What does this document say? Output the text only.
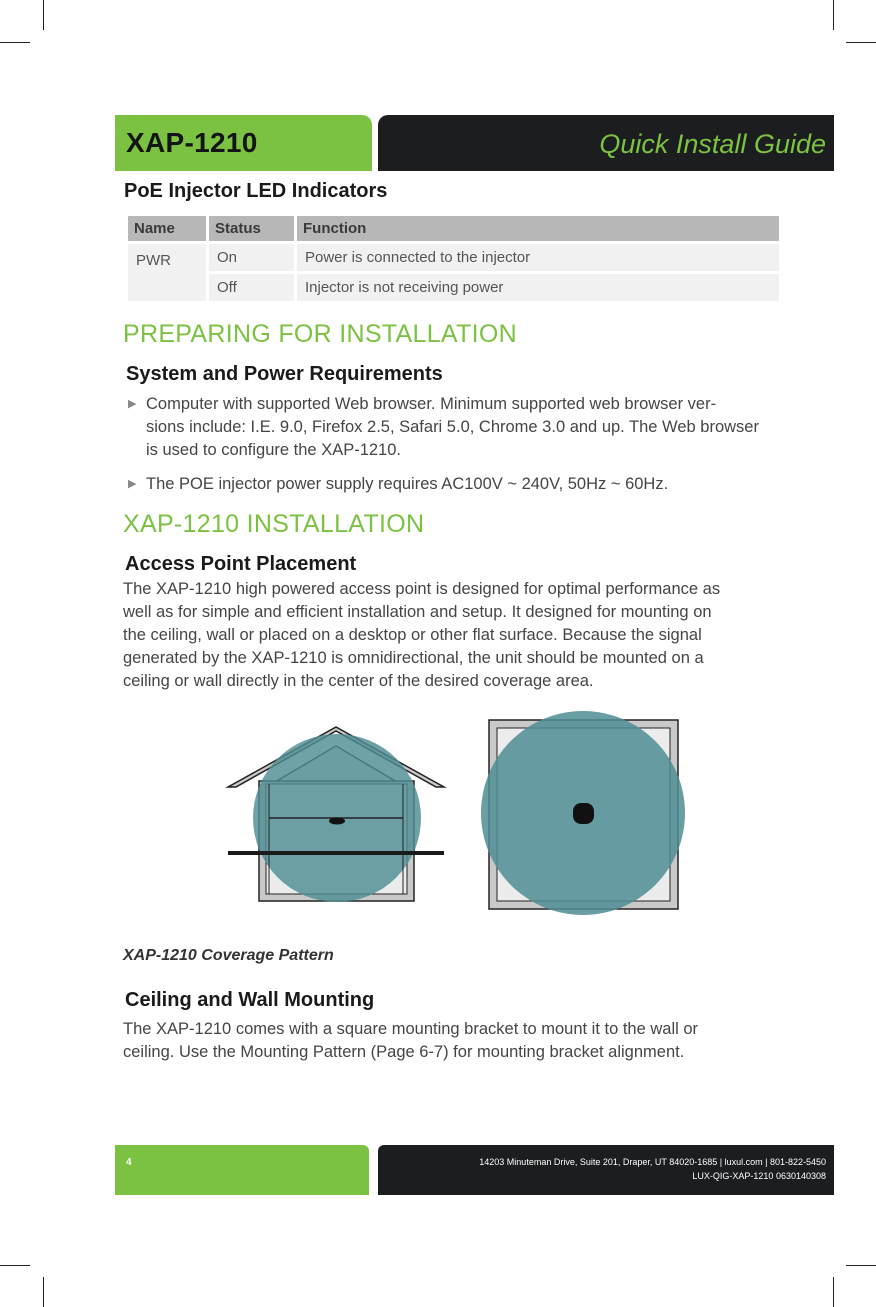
XAP-1210	Quick Install Guide
PoE Injector LED Indicators
Name	Status	Function
PWR	On	Power is connected to the injector
	Off	Injector is not receiving power
PREPARING FOR INSTALLATION
System and Power Requirements
▶ Computer with supported Web browser. Minimum supported web browser ver-
sions include: I.E. 9.0, Firefox 2.5, Safari 5.0, Chrome 3.0 and up. The Web browser
is used to configure the XAP-1210.
▶ The POE injector power supply requires AC100V ~ 240V, 50Hz ~ 60Hz.
XAP-1210 INSTALLATION
Access Point Placement
The XAP-1210 high powered access point is designed for optimal performance as
well as for simple and efficient installation and setup. It designed for mounting on
the ceiling, wall or placed on a desktop or other flat surface. Because the signal
generated by the XAP-1210 is omnidirectional, the unit should be mounted on a
ceiling or wall directly in the center of the desired coverage area.
XAP-1210 Coverage Pattern
Ceiling and Wall Mounting
The XAP-1210 comes with a square mounting bracket to mount it to the wall or
ceiling. Use the Mounting Pattern (Page 6-7) for mounting bracket alignment.
4	14203 Minuteman Drive, Suite 201, Draper, UT 84020-1685 | luxul.com | 801-822-5450
LUX-QIG-XAP-1210 0630140308
